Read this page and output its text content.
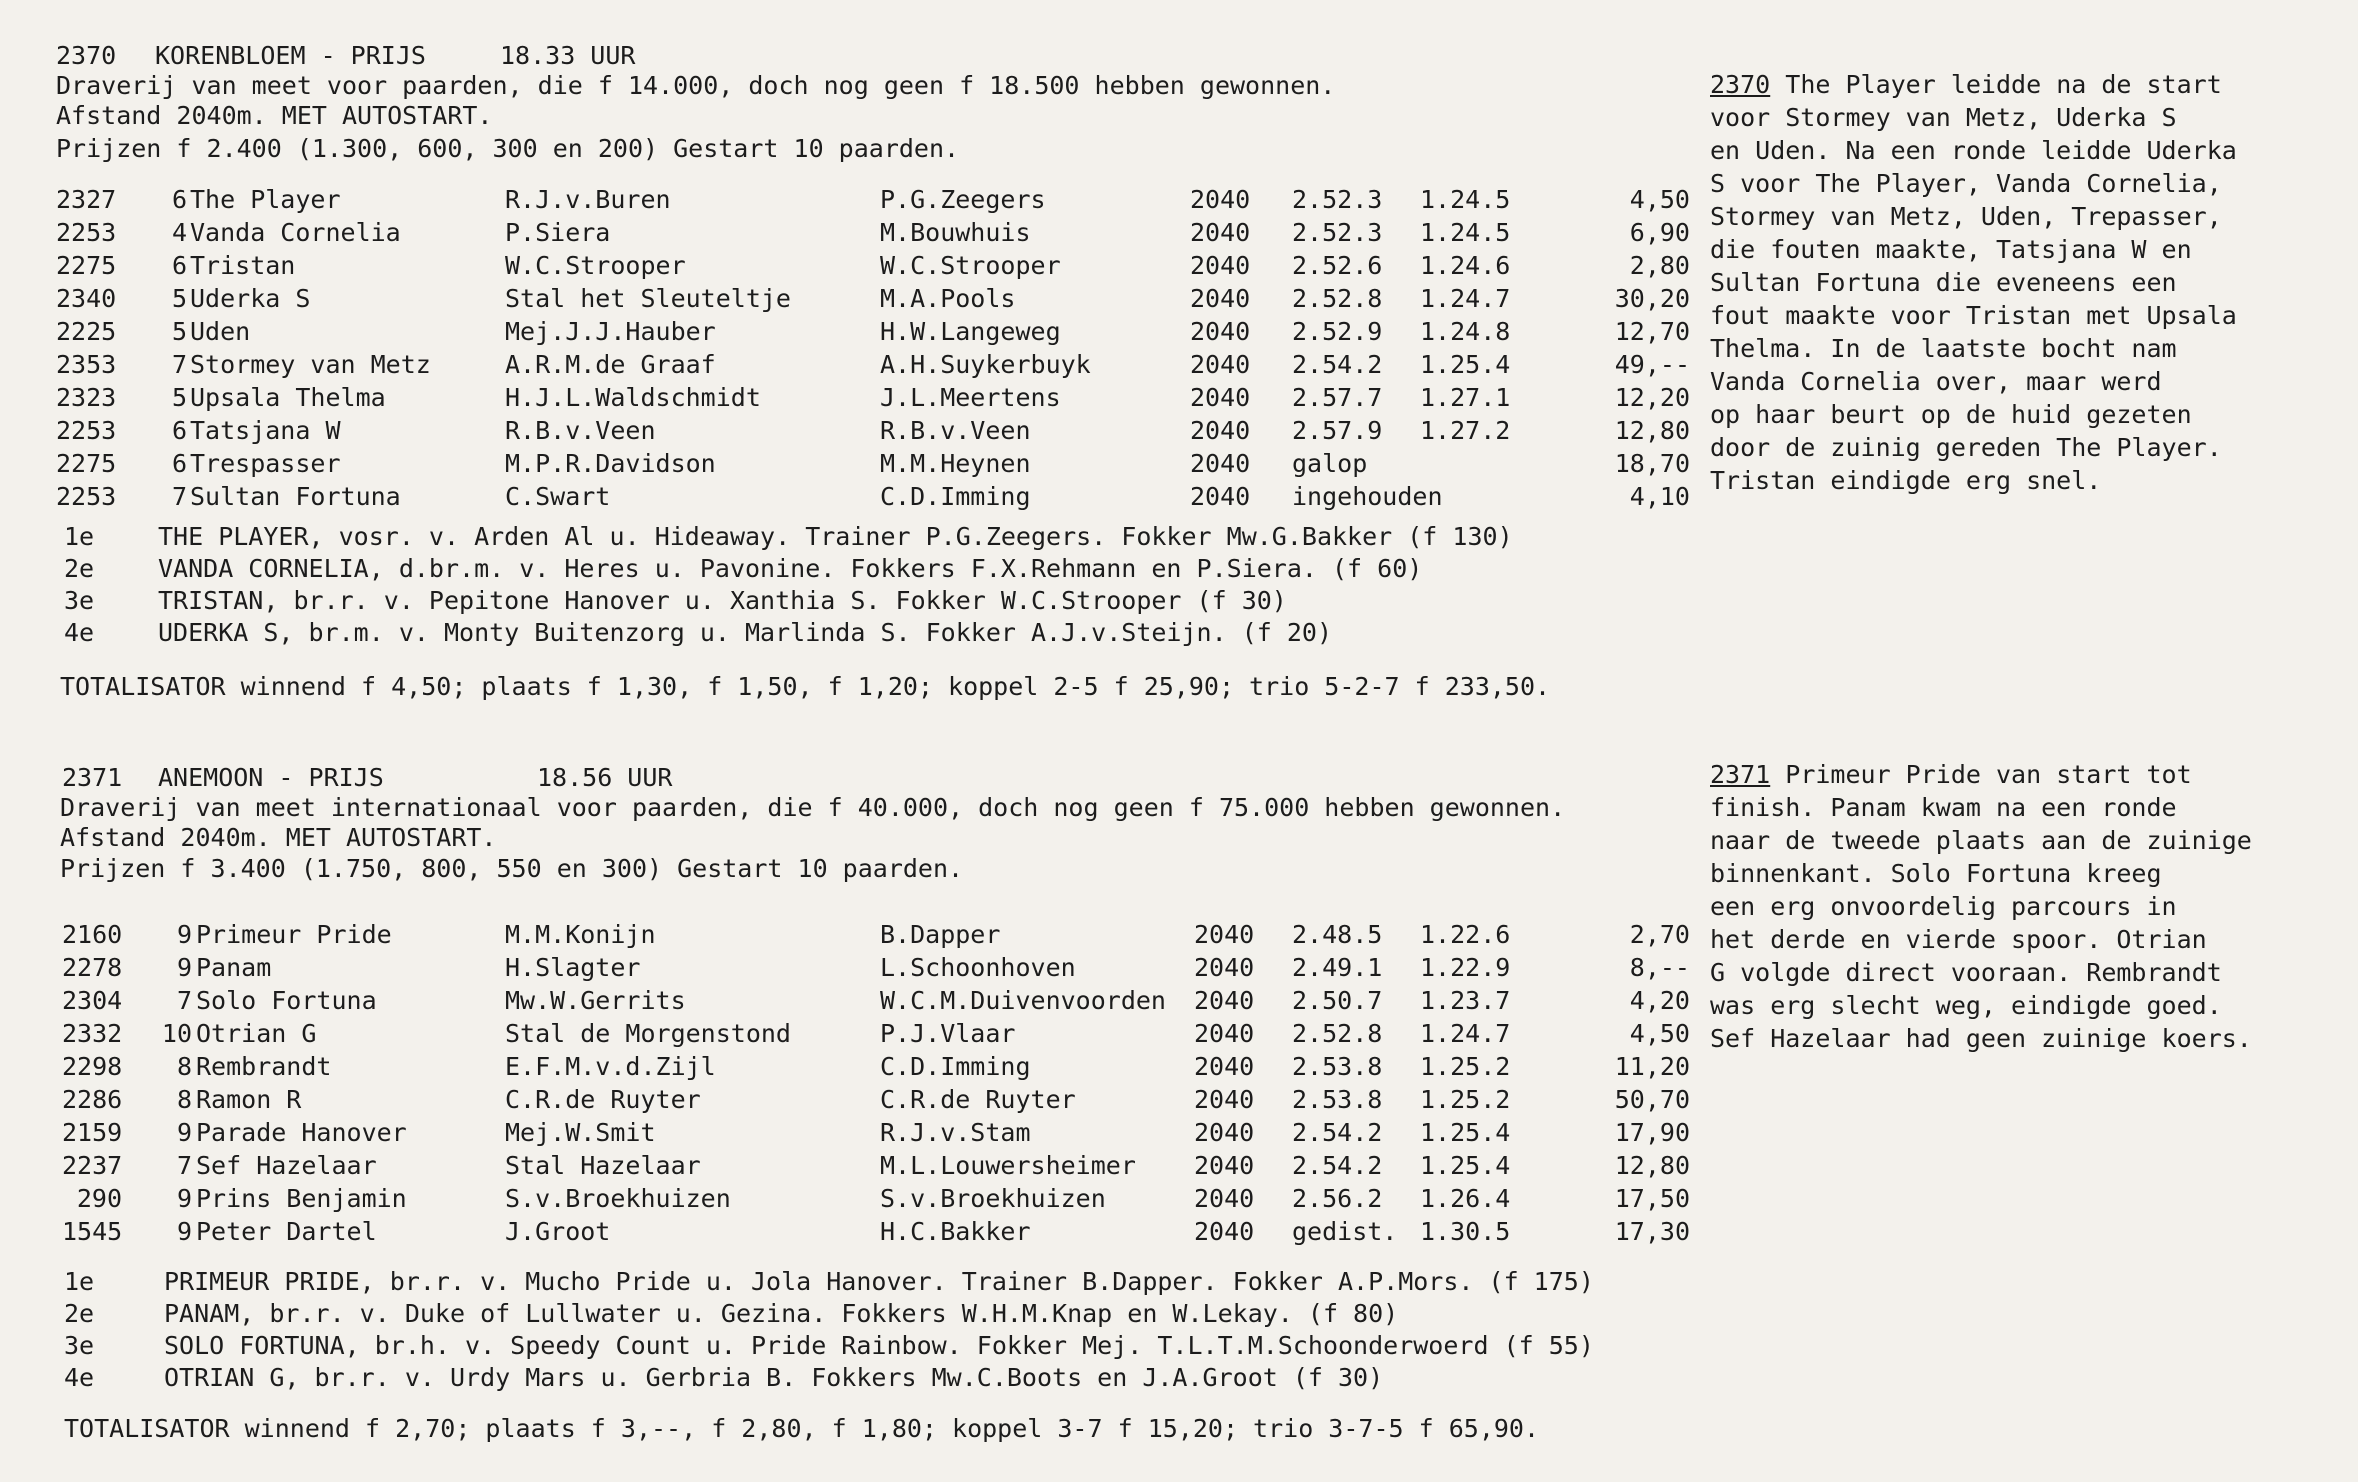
2370 KORENBLOEM - PRIJS	18.33 UUR
Draverij van meet voor paarden, die f 14.000, doch nog geen f 18.500 hebben gewonnen.
Afstand 2040m. MET AUTOSTART.
Prijzen f 2.400 (1.300, 600, 300 en 200) Gestart 10 paarden.
2327	6 The Player	R.J.v.Buren	P.G.Zeegers	2040 2.52.3 1.24.5	4,50
2253	4 Vanda Cornelia	P.Siera	M.Bouwhuis	2040 2.52.3 1.24.5	6,90
2275	6 Tristan	W.C.Strooper	W.C.Strooper	2040 2.52.6 1.24.6	2,80
2340	5 Uderka S	Stal het Sleuteltje	M.A.Pools	2040 2.52.8 1.24.7	30,20
2225	5 Uden	Mej.J.J.Hauber	H.W.Langeweg	2040 2.52.9 1.24.8	12,70
2353	7 Stormey van Metz	A.R.M.de Graaf	A.H.Suykerbuyk	2040 2.54.2 1.25.4	49,--
2323	5 Upsala Thelma	H.J.L.Waldschmidt	J.L.Meertens	2040 2.57.7 1.27.1	12,20
2253	6 Tatsjana W	R.B.v.Veen	R.B.v.Veen	2040 2.57.9 1.27.2	12,80
2275	6 Trespasser	M.P.R.Davidson	M.M.Heynen	2040 galop	18,70
2253	7 Sultan Fortuna	C.Swart	C.D.Imming	2040 ingehouden	4,10
1e	THE PLAYER, vosr. v. Arden Al u. Hideaway. Trainer P.G.Zeegers. Fokker Mw.G.Bakker (f 130)
2e	VANDA CORNELIA, d.br.m. v. Heres u. Pavonine. Fokkers F.X.Rehmann en P.Siera. (f 60)
3e	TRISTAN, br.r. v. Pepitone Hanover u. Xanthia S. Fokker W.C.Strooper (f 30)
4e	UDERKA S, br.m. v. Monty Buitenzorg u. Marlinda S. Fokker A.J.v.Steijn. (f 20)
TOTALISATOR winnend f 4,50; plaats f 1,30, f 1,50, f 1,20; koppel 2-5 f 25,90; trio 5-2-7 f 233,50.
2370 The Player leidde na de start
voor Stormey van Metz, Uderka S
en Uden. Na een ronde leidde Uderka
S voor The Player, Vanda Cornelia,
Stormey van Metz, Uden, Trepasser,
die fouten maakte, Tatsjana W en
Sultan Fortuna die eveneens een
fout maakte voor Tristan met Upsala
Thelma. In de laatste bocht nam
Vanda Cornelia over, maar werd
op haar beurt op de huid gezeten
door de zuinig gereden The Player.
Tristan eindigde erg snel.
2371 ANEMOON - PRIJS	18.56 UUR
Draverij van meet internationaal voor paarden, die f 40.000, doch nog geen f 75.000 hebben gewonnen.
Afstand 2040m. MET AUTOSTART.
Prijzen f 3.400 (1.750, 800, 550 en 300) Gestart 10 paarden.
2160	9 Primeur Pride	M.M.Konijn	B.Dapper	2040 2.48.5 1.22.6	2,70
2278	9 Panam	H.Slagter	L.Schoonhoven	2040 2.49.1 1.22.9	8,--
2304	7 Solo Fortuna	Mw.W.Gerrits	W.C.M.Duivenvoorden 2040 2.50.7 1.23.7	4,20
2332 10 Otrian G	Stal de Morgenstond	P.J.Vlaar	2040 2.52.8 1.24.7	4,50
2298	8 Rembrandt	E.F.M.v.d.Zijl	C.D.Imming	2040 2.53.8 1.25.2	11,20
2286	8 Ramon R	C.R.de Ruyter	C.R.de Ruyter	2040 2.53.8 1.25.2	50,70
2159	9 Parade Hanover	Mej.W.Smit	R.J.v.Stam	2040 2.54.2 1.25.4	17,90
2237	7 Sef Hazelaar	Stal Hazelaar	M.L.Louwersheimer 2040 2.54.2 1.25.4	12,80
290	9 Prins Benjamin	S.v.Broekhuizen	S.v.Broekhuizen	2040 2.56.2 1.26.4	17,50
1545	9 Peter Dartel	J.Groot	H.C.Bakker	2040 gedist. 1.30.5	17,30
1e	PRIMEUR PRIDE, br.r. v. Mucho Pride u. Jola Hanover. Trainer B.Dapper. Fokker A.P.Mors. (f 175)
2e	PANAM, br.r. v. Duke of Lullwater u. Gezina. Fokkers W.H.M.Knap en W.Lekay. (f 80)
3e	SOLO FORTUNA, br.h. v. Speedy Count u. Pride Rainbow. Fokker Mej. T.L.T.M.Schoonderwoerd (f 55)
4e	OTRIAN G, br.r. v. Urdy Mars u. Gerbria B. Fokkers Mw.C.Boots en J.A.Groot (f 30)
TOTALISATOR winnend f 2,70; plaats f 3,--, f 2,80, f 1,80; koppel 3-7 f 15,20; trio 3-7-5 f 65,90.
2371 Primeur Pride van start tot
finish. Panam kwam na een ronde
naar de tweede plaats aan de zuinige
binnenkant. Solo Fortuna kreeg
een erg onvoordelig parcours in
het derde en vierde spoor. Otrian
G volgde direct vooraan. Rembrandt
was erg slecht weg, eindigde goed.
Sef Hazelaar had geen zuinige koers.
